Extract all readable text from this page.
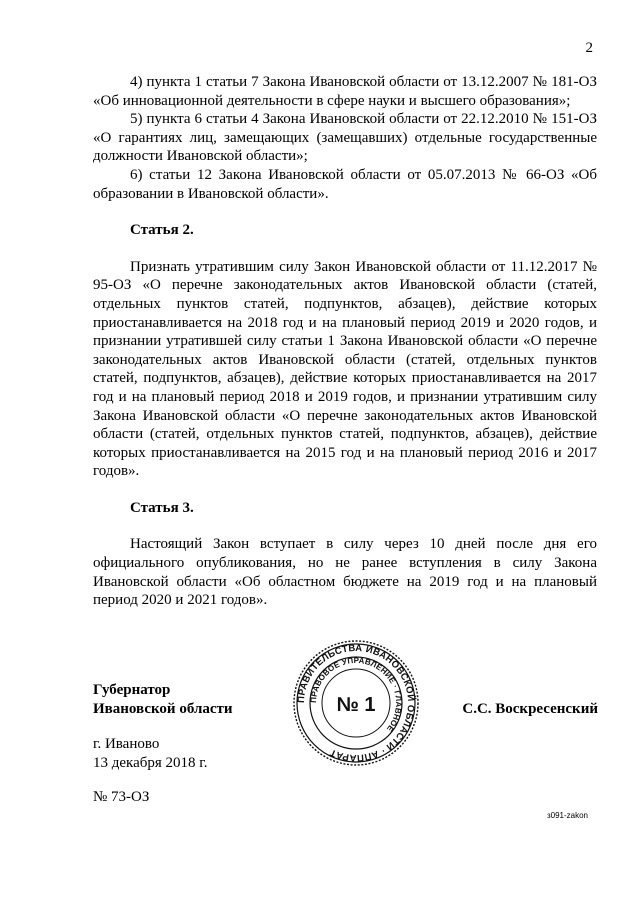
2

4) пункта 1 статьи 7 Закона Ивановской области от 13.12.2007 № 181-ОЗ «Об инновационной деятельности в сфере науки и высшего образования»;

5) пункта 6 статьи 4 Закона Ивановской области от 22.12.2010 № 151-ОЗ «О гарантиях лиц, замещающих (замещавших) отдельные государственные должности Ивановской области»;

6) статьи 12 Закона Ивановской области от 05.07.2013 № 66-ОЗ «Об образовании в Ивановской области».

Статья 2.

Признать утратившим силу Закон Ивановской области от 11.12.2017 № 95-ОЗ «О перечне законодательных актов Ивановской области (статей, отдельных пунктов статей, подпунктов, абзацев), действие которых приостанавливается на 2018 год и на плановый период 2019 и 2020 годов, и признании утратившей силу статьи 1 Закона Ивановской области «О перечне законодательных актов Ивановской области (статей, отдельных пунктов статей, подпунктов, абзацев), действие которых приостанавливается на 2017 год и на плановый период 2018 и 2019 годов, и признании утратившим силу Закона Ивановской области «О перечне законодательных актов Ивановской области (статей, отдельных пунктов статей, подпунктов, абзацев), действие которых приостанавливается на 2015 год и на плановый период 2016 и 2017 годов».

Статья 3.

Настоящий Закон вступает в силу через 10 дней после дня его официального опубликования, но не ранее вступления в силу Закона Ивановской области «Об областном бюджете на 2019 год и на плановый период 2020 и 2021 годов».

ПРАВИТЕЛЬСТВА ИВАНОВСКОЙ ОБЛАСТИ · АППАРАТ
ПРАВОВОЕ УПРАВЛЕНИЕ · ГЛАВНОЕ
№ 1
Губернатор
Ивановской области	С.С. Воскресенский
г. Иваново
13 декабря 2018 г.
№ 73-ОЗ
з091-zakon
